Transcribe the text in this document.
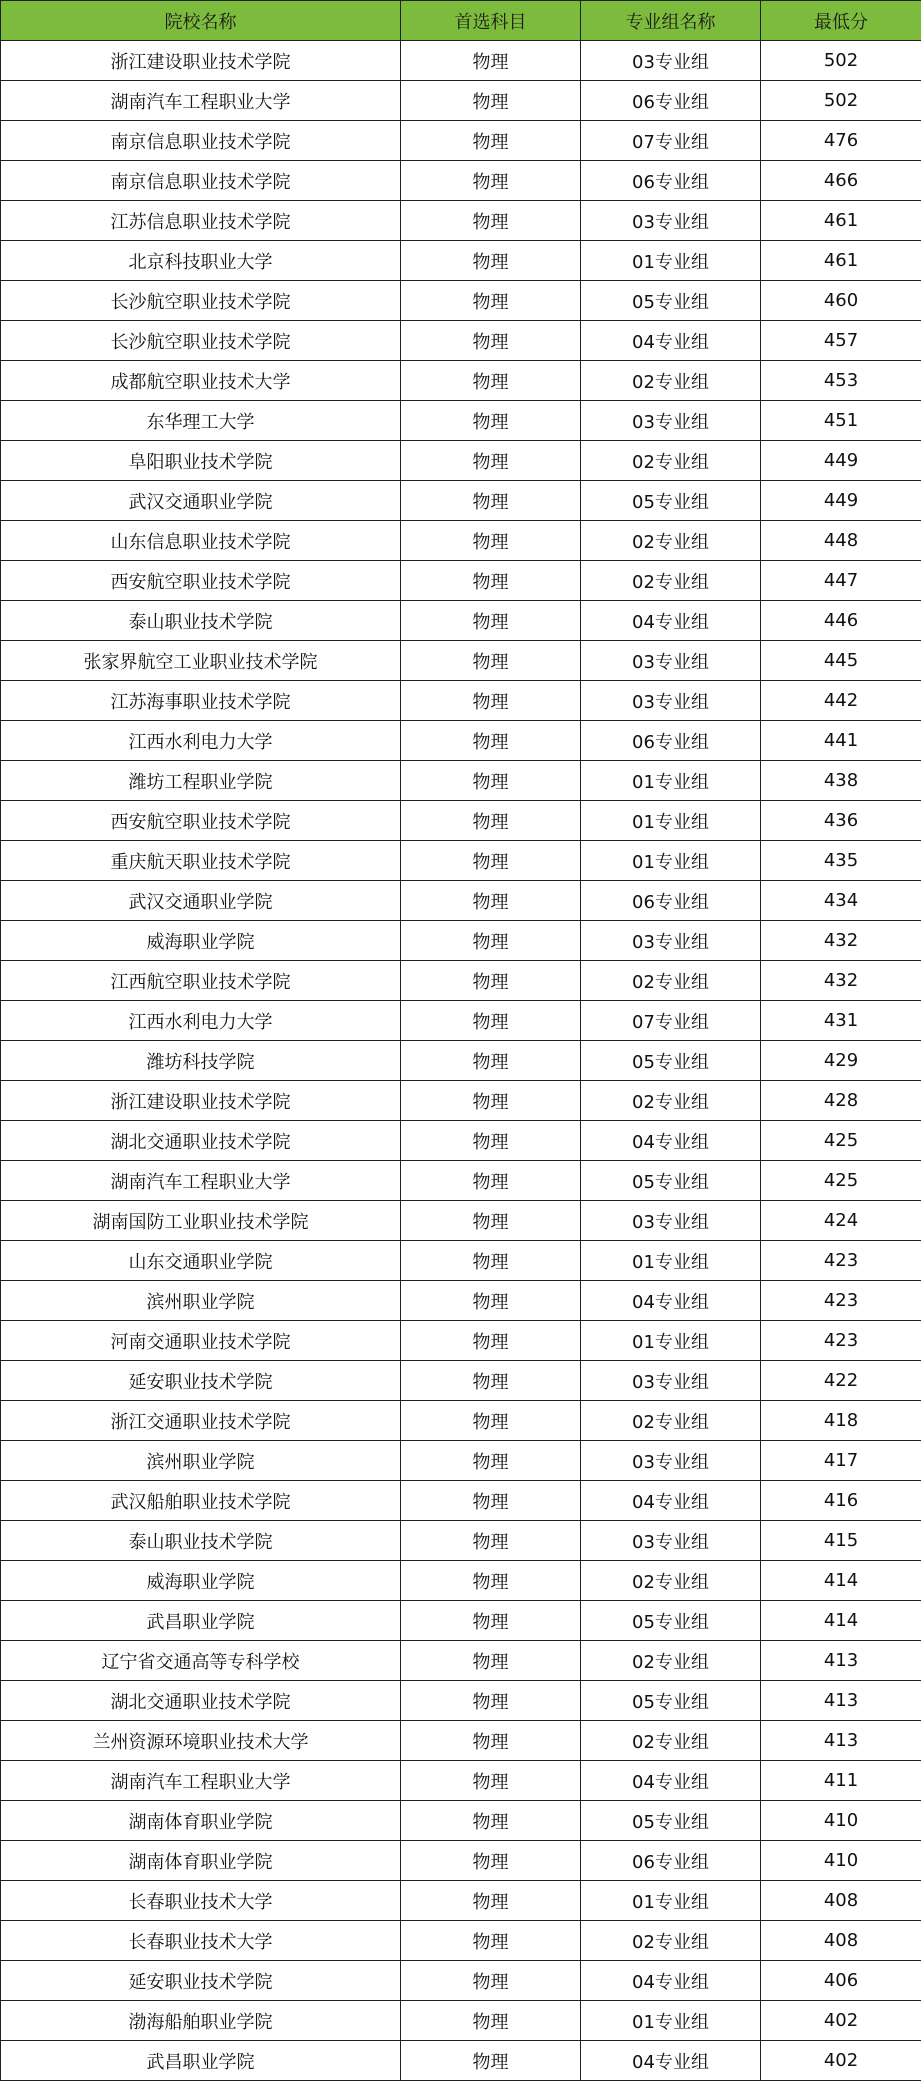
院校名称	首选科目	专业组名称	最低分
浙江建设职业技术学院	物理	03专业组	502
湖南汽车工程职业大学	物理	06专业组	502
南京信息职业技术学院	物理	07专业组	476
南京信息职业技术学院	物理	06专业组	466
江苏信息职业技术学院	物理	03专业组	461
北京科技职业大学	物理	01专业组	461
长沙航空职业技术学院	物理	05专业组	460
长沙航空职业技术学院	物理	04专业组	457
成都航空职业技术大学	物理	02专业组	453
东华理工大学	物理	03专业组	451
阜阳职业技术学院	物理	02专业组	449
武汉交通职业学院	物理	05专业组	449
山东信息职业技术学院	物理	02专业组	448
西安航空职业技术学院	物理	02专业组	447
泰山职业技术学院	物理	04专业组	446
张家界航空工业职业技术学院	物理	03专业组	445
江苏海事职业技术学院	物理	03专业组	442
江西水利电力大学	物理	06专业组	441
潍坊工程职业学院	物理	01专业组	438
西安航空职业技术学院	物理	01专业组	436
重庆航天职业技术学院	物理	01专业组	435
武汉交通职业学院	物理	06专业组	434
威海职业学院	物理	03专业组	432
江西航空职业技术学院	物理	02专业组	432
江西水利电力大学	物理	07专业组	431
潍坊科技学院	物理	05专业组	429
浙江建设职业技术学院	物理	02专业组	428
湖北交通职业技术学院	物理	04专业组	425
湖南汽车工程职业大学	物理	05专业组	425
湖南国防工业职业技术学院	物理	03专业组	424
山东交通职业学院	物理	01专业组	423
滨州职业学院	物理	04专业组	423
河南交通职业技术学院	物理	01专业组	423
延安职业技术学院	物理	03专业组	422
浙江交通职业技术学院	物理	02专业组	418
滨州职业学院	物理	03专业组	417
武汉船舶职业技术学院	物理	04专业组	416
泰山职业技术学院	物理	03专业组	415
威海职业学院	物理	02专业组	414
武昌职业学院	物理	05专业组	414
辽宁省交通高等专科学校	物理	02专业组	413
湖北交通职业技术学院	物理	05专业组	413
兰州资源环境职业技术大学	物理	02专业组	413
湖南汽车工程职业大学	物理	04专业组	411
湖南体育职业学院	物理	05专业组	410
湖南体育职业学院	物理	06专业组	410
长春职业技术大学	物理	01专业组	408
长春职业技术大学	物理	02专业组	408
延安职业技术学院	物理	04专业组	406
渤海船舶职业学院	物理	01专业组	402
武昌职业学院	物理	04专业组	402
